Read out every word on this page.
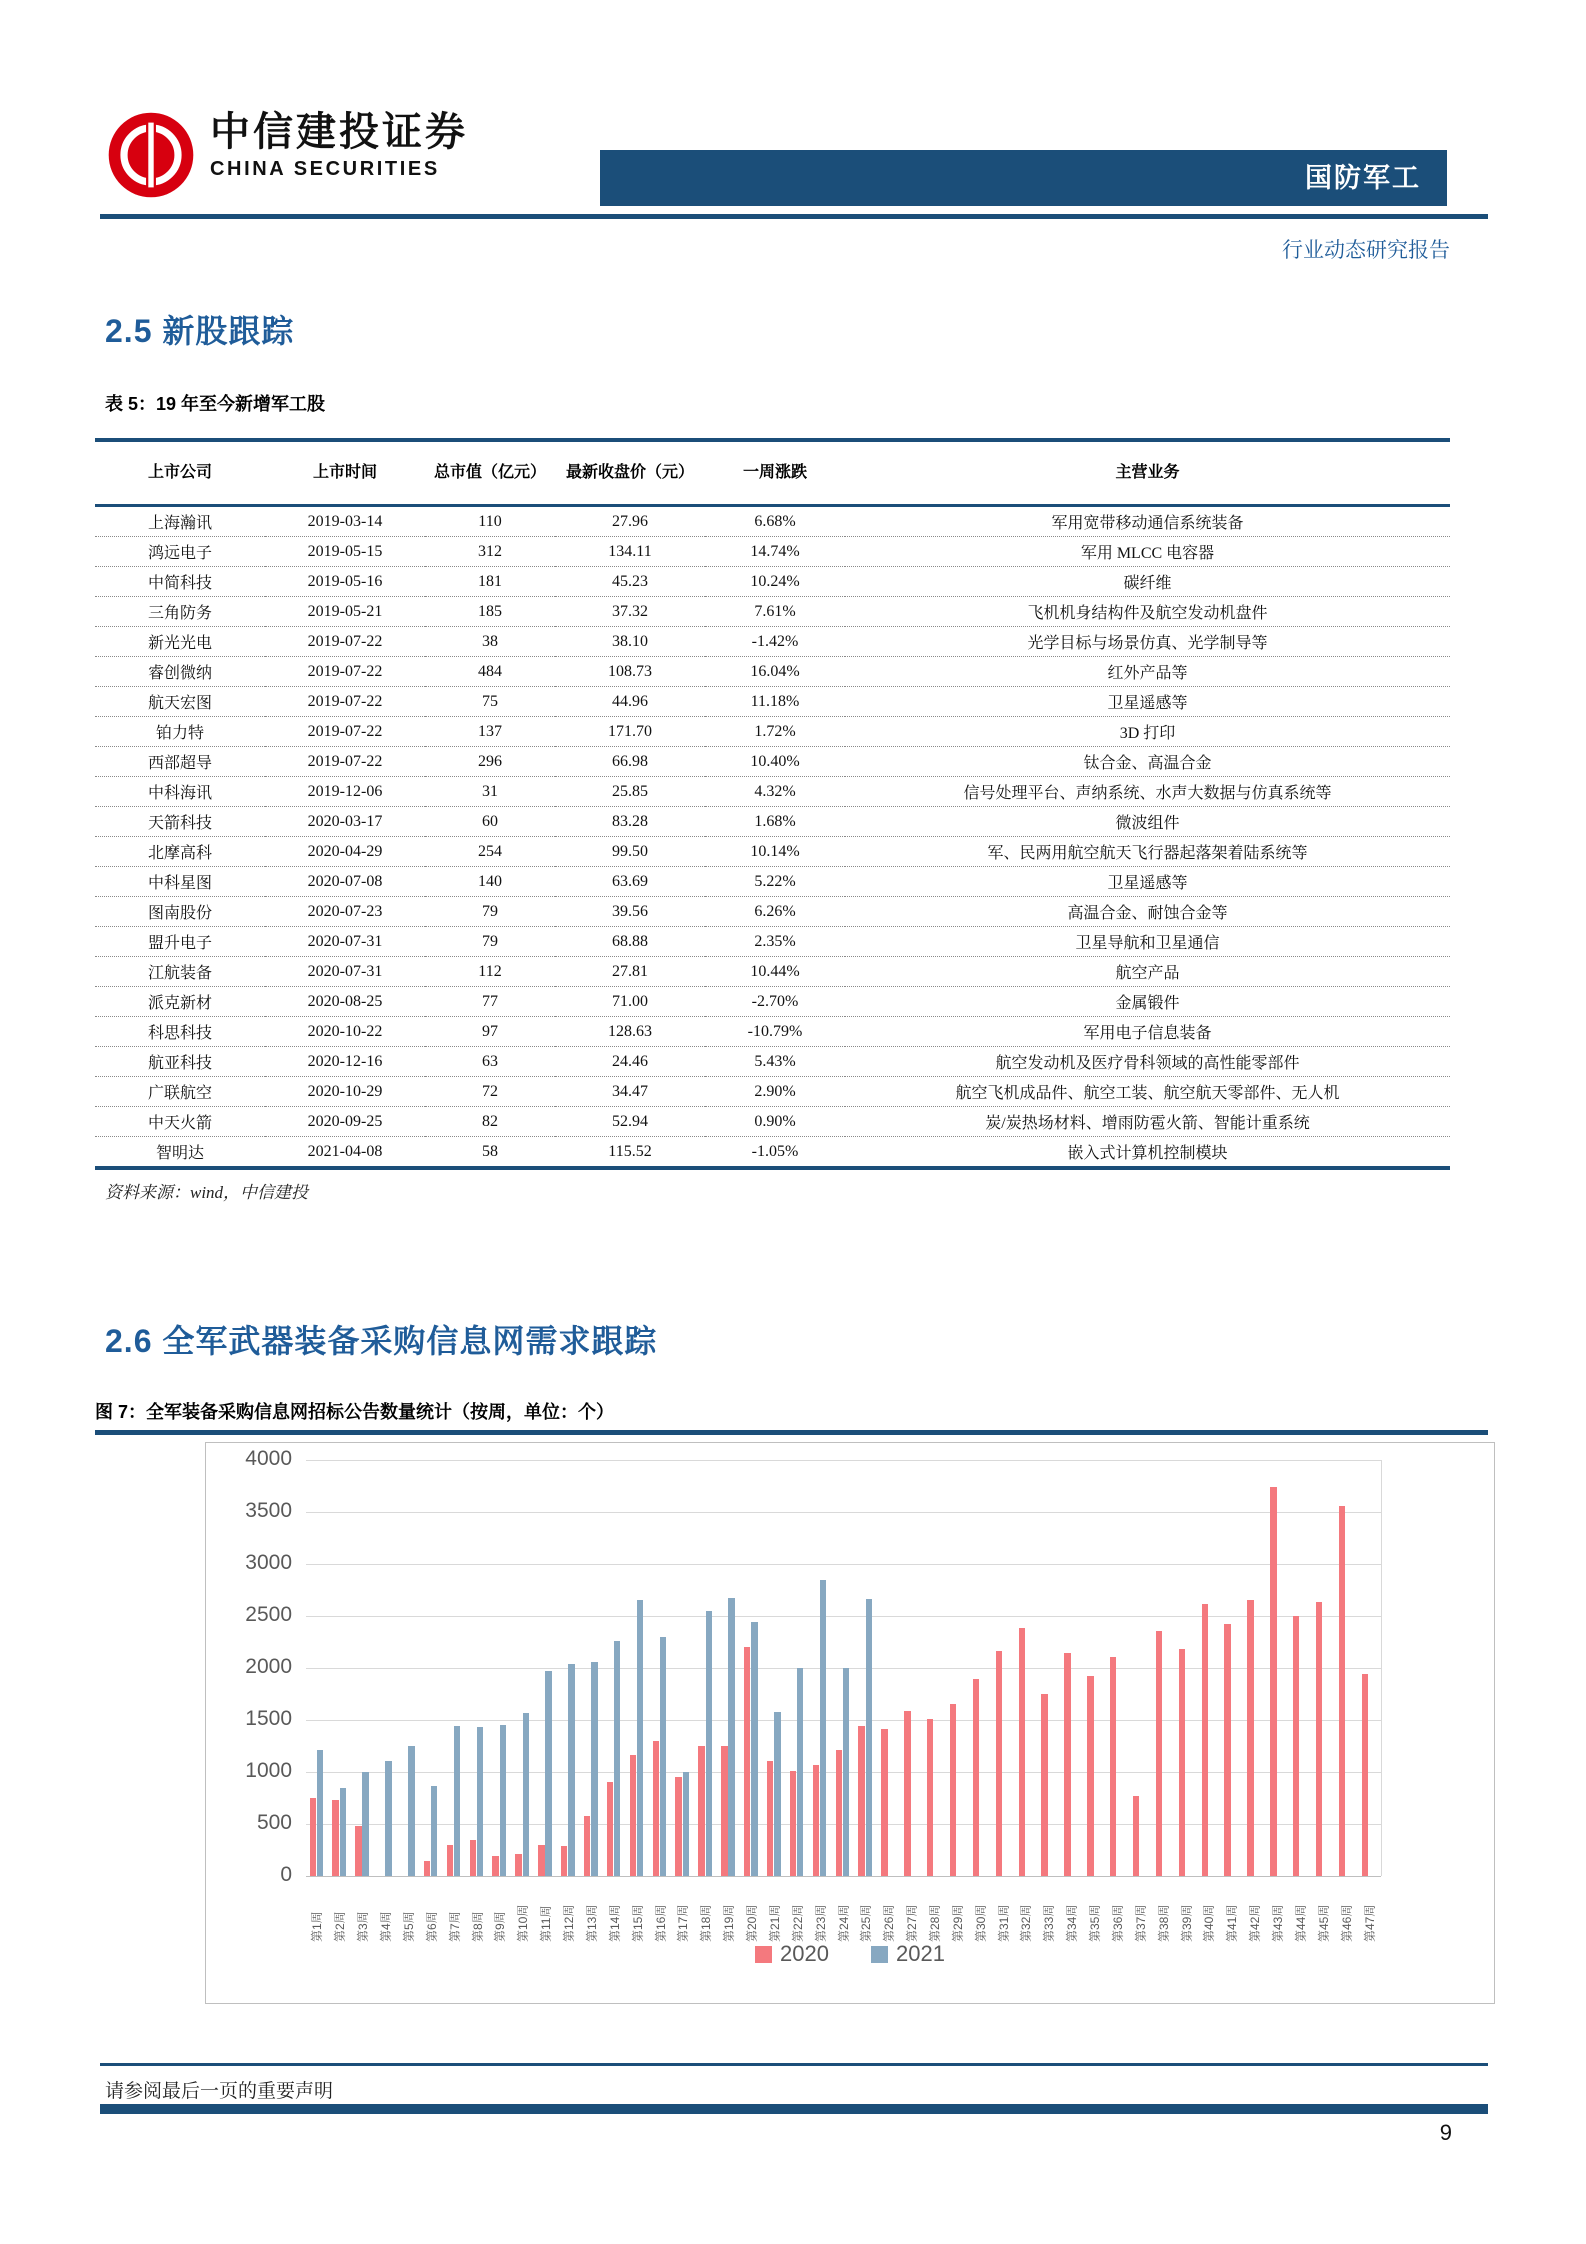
中信建投证券
CHINA SECURITIES	国防军工
行业动态研究报告
2.5 新股跟踪
表 5：19 年至今新增军工股
上市公司	上市时间	总市值（亿元）	最新收盘价（元）	一周涨跌	主营业务
上海瀚讯	2019-03-14	110	27.96	6.68%	军用宽带移动通信系统装备
鸿远电子	2019-05-15	312	134.11	14.74%	军用 MLCC 电容器
中简科技	2019-05-16	181	45.23	10.24%	碳纤维
三角防务	2019-05-21	185	37.32	7.61%	飞机机身结构件及航空发动机盘件
新光光电	2019-07-22	38	38.10	-1.42%	光学目标与场景仿真、光学制导等
睿创微纳	2019-07-22	484	108.73	16.04%	红外产品等
航天宏图	2019-07-22	75	44.96	11.18%	卫星遥感等
铂力特	2019-07-22	137	171.70	1.72%	3D 打印
西部超导	2019-07-22	296	66.98	10.40%	钛合金、高温合金
中科海讯	2019-12-06	31	25.85	4.32%	信号处理平台、声纳系统、水声大数据与仿真系统等
天箭科技	2020-03-17	60	83.28	1.68%	微波组件
北摩高科	2020-04-29	254	99.50	10.14%	军、民两用航空航天飞行器起落架着陆系统等
中科星图	2020-07-08	140	63.69	5.22%	卫星遥感等
图南股份	2020-07-23	79	39.56	6.26%	高温合金、耐蚀合金等
盟升电子	2020-07-31	79	68.88	2.35%	卫星导航和卫星通信
江航装备	2020-07-31	112	27.81	10.44%	航空产品
派克新材	2020-08-25	77	71.00	-2.70%	金属锻件
科思科技	2020-10-22	97	128.63	-10.79%	军用电子信息装备
航亚科技	2020-12-16	63	24.46	5.43%	航空发动机及医疗骨科领域的高性能零部件
广联航空	2020-10-29	72	34.47	2.90%	航空飞机成品件、航空工装、航空航天零部件、无人机
中天火箭	2020-09-25	82	52.94	0.90%	炭/炭热场材料、增雨防雹火箭、智能计重系统
智明达	2021-04-08	58	115.52	-1.05%	嵌入式计算机控制模块
资料来源：wind，中信建投
2.6 全军武器装备采购信息网需求跟踪
图 7：全军装备采购信息网招标公告数量统计（按周，单位：个）
0
500
1000
1500
2000
2500
3000
3500
4000
第1周 第2周 第3周 第4周 第5周 第6周 第7周 第8周 第9周 第10周 第11周 第12周 第13周 第14周 第15周 第16周 第17周 第18周 第19周 第20周 第21周 第22周 第23周 第24周 第25周 第26周 第27周 第28周 第29周 第30周 第31周 第32周 第33周 第34周 第35周 第36周 第37周 第38周 第39周 第40周 第41周 第42周 第43周 第44周 第45周 第46周 第47周
2020	2021
请参阅最后一页的重要声明
9
